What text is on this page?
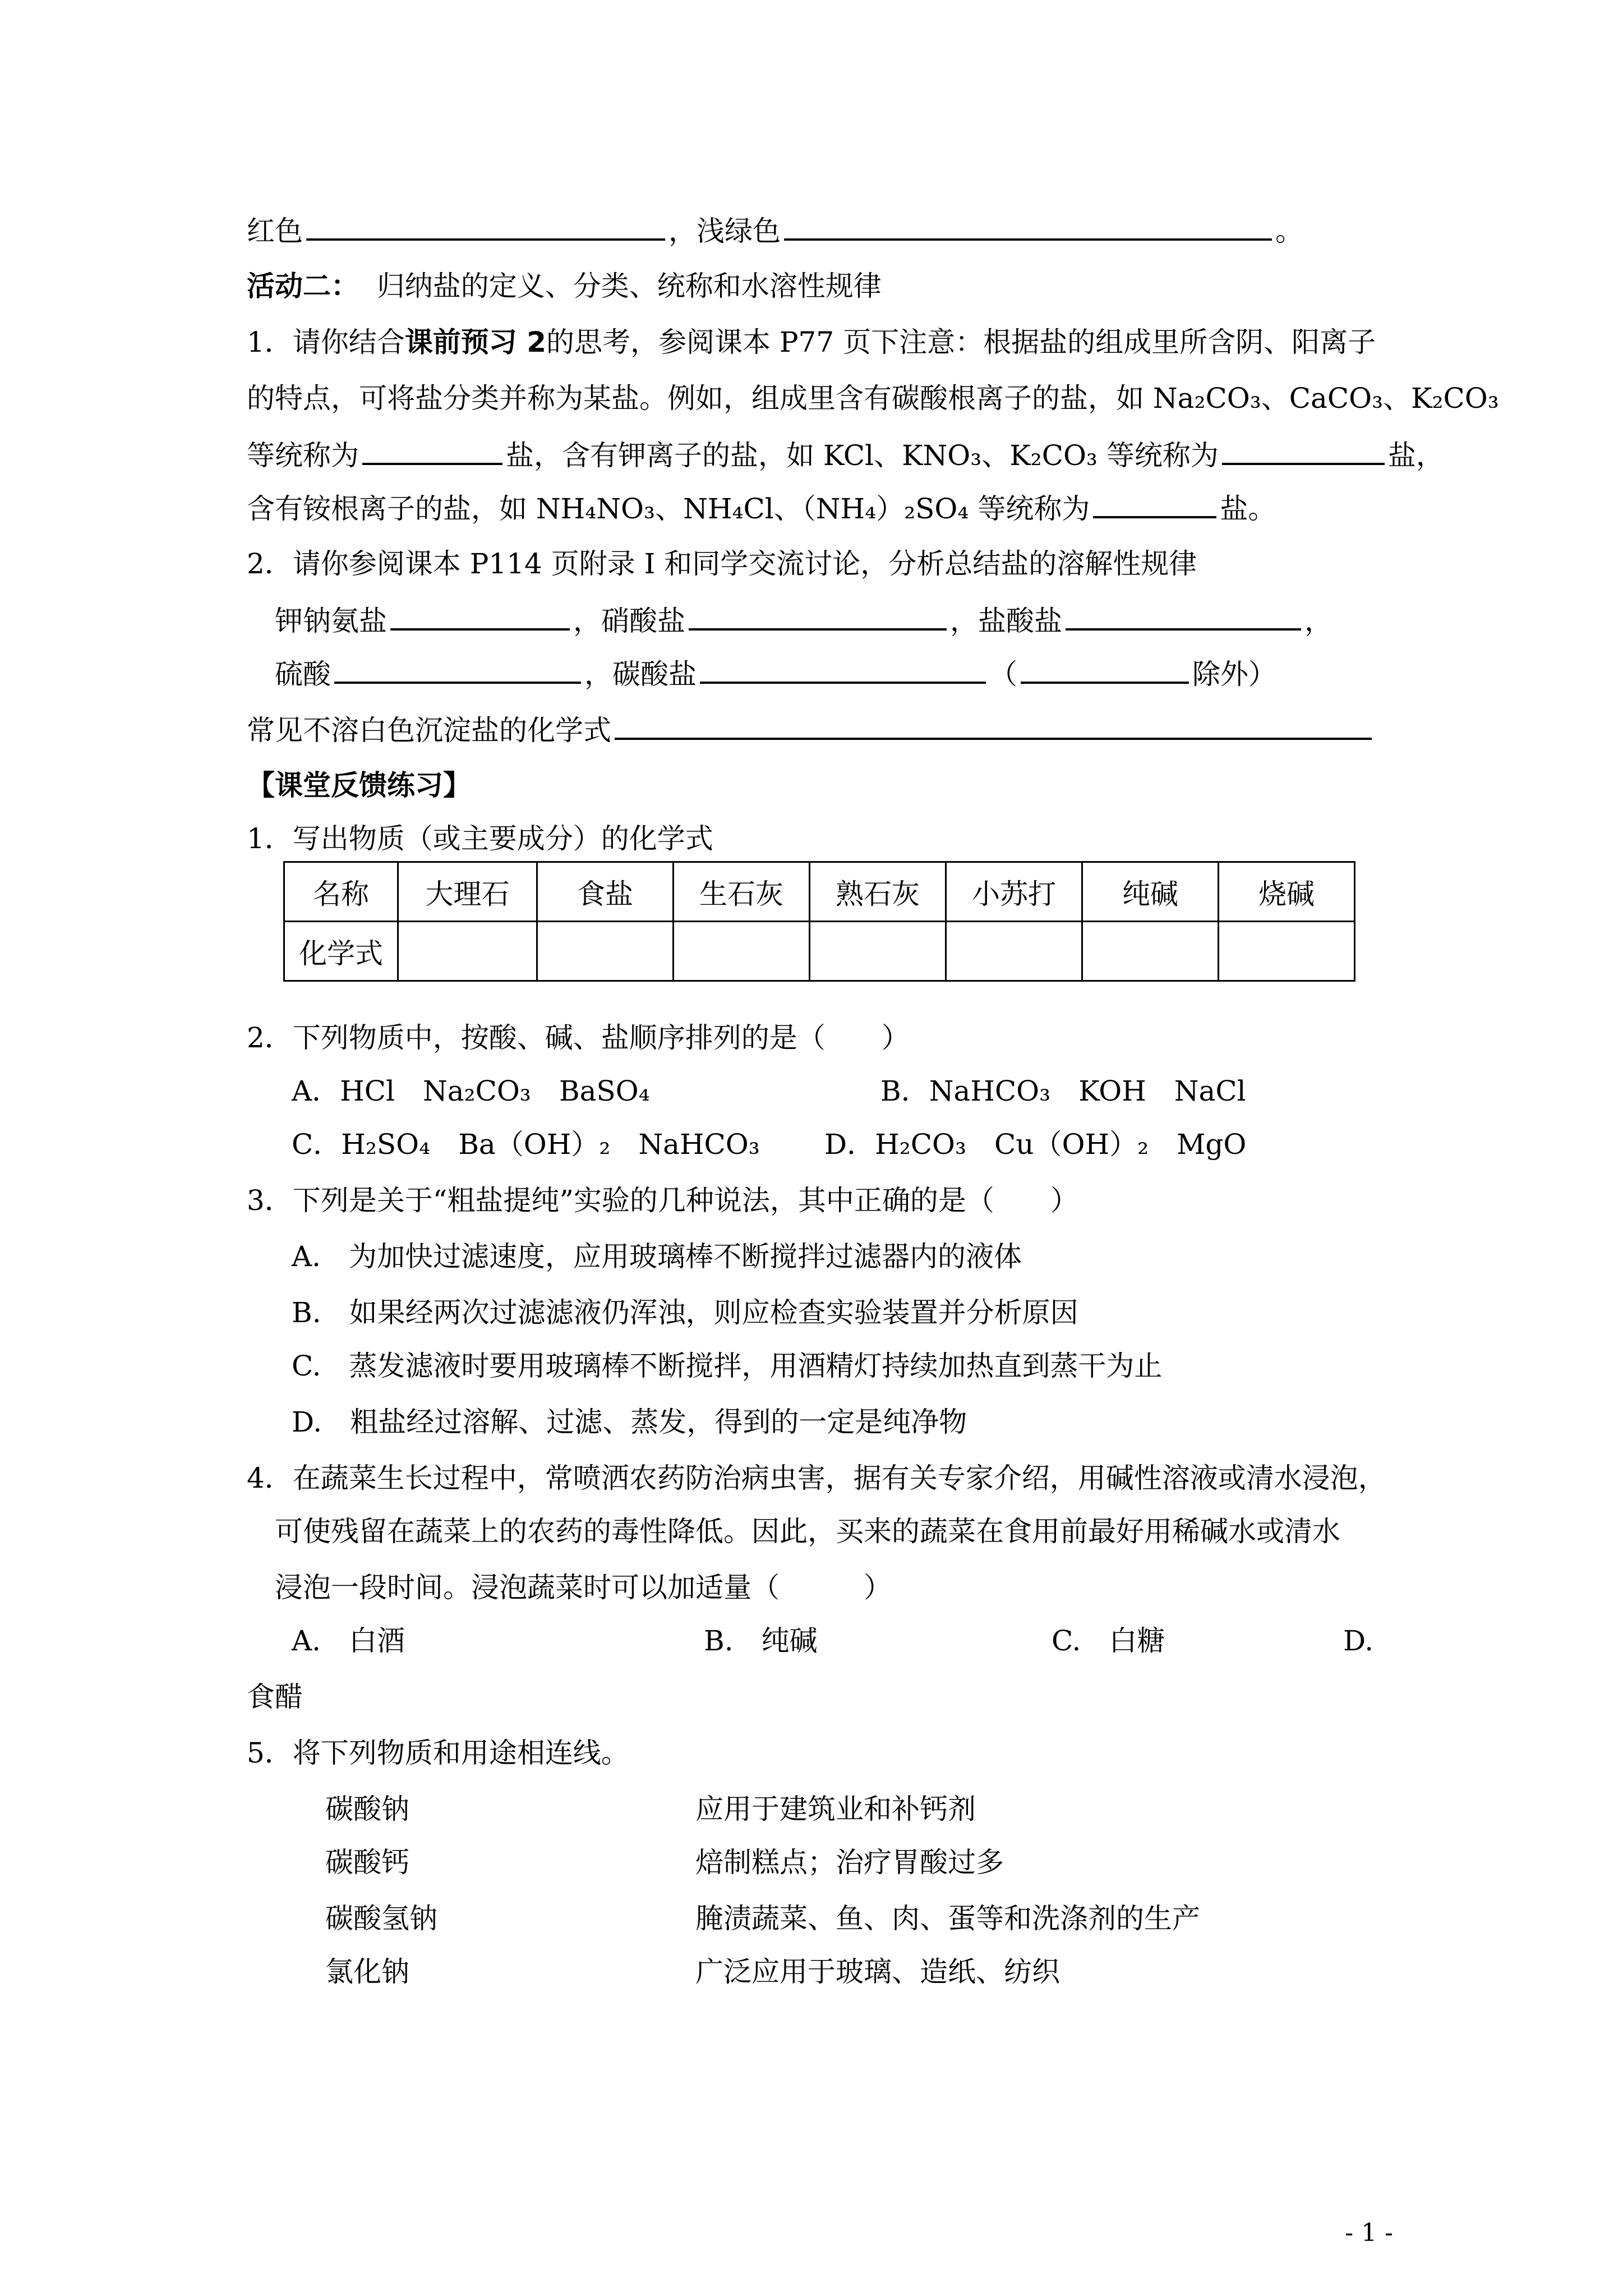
红色	，浅绿色	。
活动二： 归纳盐的定义、分类、统称和水溶性规律
1．请你结合课前预习 2的思考，参阅课本 P77 页下注意：根据盐的组成里所含阴、阳离子
的特点，可将盐分类并称为某盐。例如，组成里含有碳酸根离子的盐，如 Na₂CO₃、CaCO₃、K₂CO₃
等统称为	盐，含有钾离子的盐，如 KCl、KNO₃、K₂CO₃ 等统称为	盐，
含有铵根离子的盐，如 NH₄NO₃、NH₄Cl、（NH₄）₂SO₄ 等统称为	盐。
2．请你参阅课本 P114 页附录 I 和同学交流讨论，分析总结盐的溶解性规律
钾钠氨盐	，硝酸盐	，盐酸盐	，
硫酸	，碳酸盐	（	除外）
常见不溶白色沉淀盐的化学式
【课堂反馈练习】
1．写出物质（或主要成分）的化学式
名称	大理石	食盐	生石灰	熟石灰	小苏打	纯碱	烧碱
化学式							
2．下列物质中，按酸、碱、盐顺序排列的是（　　）
A．HCl　Na₂CO₃　BaSO₄	B．NaHCO₃　KOH　NaCl
C．H₂SO₄　Ba（OH）₂　NaHCO₃ D．H₂CO₃　Cu（OH）₂　MgO
3．下列是关于“粗盐提纯”实验的几种说法，其中正确的是（　　）
A.　为加快过滤速度，应用玻璃棒不断搅拌过滤器内的液体
B.　如果经两次过滤滤液仍浑浊，则应检查实验装置并分析原因
C.　蒸发滤液时要用玻璃棒不断搅拌，用酒精灯持续加热直到蒸干为止
D.　粗盐经过溶解、过滤、蒸发，得到的一定是纯净物
4．在蔬菜生长过程中，常喷洒农药防治病虫害，据有关专家介绍，用碱性溶液或清水浸泡，
可使残留在蔬菜上的农药的毒性降低。因此，买来的蔬菜在食用前最好用稀碱水或清水
浸泡一段时间。浸泡蔬菜时可以加适量（　　　）
A.　白酒	B.　纯碱	C.　白糖	D.
食醋
5．将下列物质和用途相连线。
碳酸钠	应用于建筑业和补钙剂
碳酸钙	焙制糕点；治疗胃酸过多
碳酸氢钠	腌渍蔬菜、鱼、肉、蛋等和洗涤剂的生产
氯化钠	广泛应用于玻璃、造纸、纺织
- 1 -
